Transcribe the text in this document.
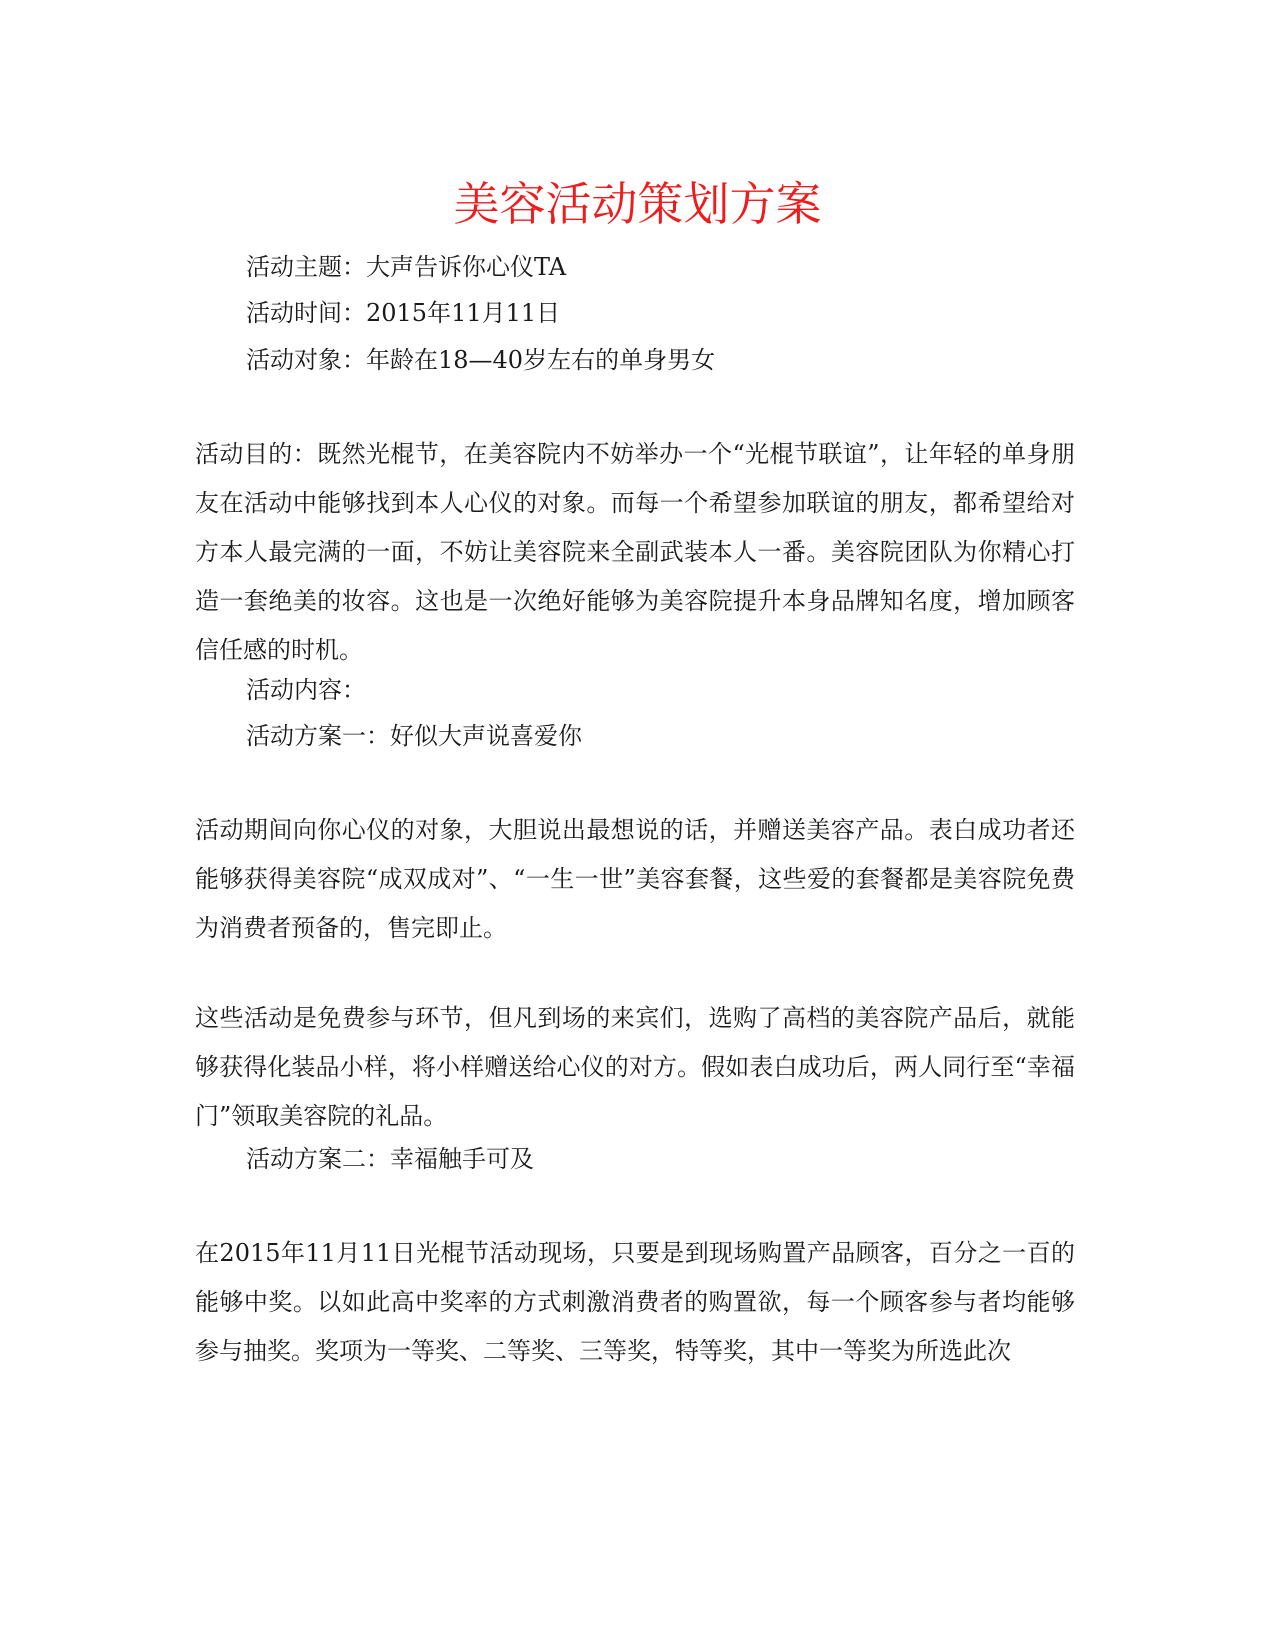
美容活动策划方案

活动主题：大声告诉你心仪TA

活动时间：2015年11月11日

活动对象：年龄在18—40岁左右的单身男女

活动目的：既然光棍节，在美容院内不妨举办一个“光棍节联谊”，让年轻的单身朋友在活动中能够找到本人心仪的对象。而每一个希望参加联谊的朋友，都希望给对方本人最完满的一面，不妨让美容院来全副武装本人一番。美容院团队为你精心打造一套绝美的妆容。这也是一次绝好能够为美容院提升本身品牌知名度，增加顾客信任感的时机。

活动内容：

活动方案一：好似大声说喜爱你

活动期间向你心仪的对象，大胆说出最想说的话，并赠送美容产品。表白成功者还能够获得美容院“成双成对”、“一生一世”美容套餐，这些爱的套餐都是美容院免费为消费者预备的，售完即止。

这些活动是免费参与环节，但凡到场的来宾们，选购了高档的美容院产品后，就能够获得化装品小样，将小样赠送给心仪的对方。假如表白成功后，两人同行至“幸福门”领取美容院的礼品。

活动方案二：幸福触手可及

在2015年11月11日光棍节活动现场，只要是到现场购置产品顾客，百分之一百的能够中奖。以如此高中奖率的方式刺激消费者的购置欲，每一个顾客参与者均能够参与抽奖。奖项为一等奖、二等奖、三等奖，特等奖，其中一等奖为所选此次
